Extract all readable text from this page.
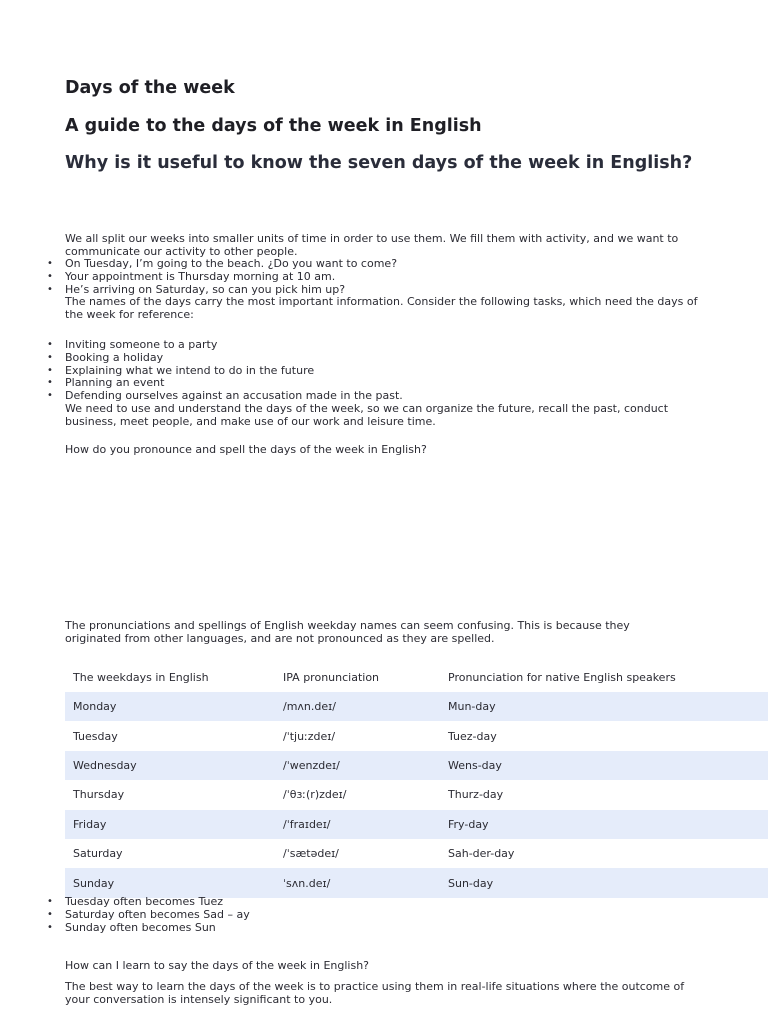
Days of the week
A guide to the days of the week in English
Why is it useful to know the seven days of the week in English?

We all split our weeks into smaller units of time in order to use them. We fill them with activity, and we want to communicate our activity to other people.

• On Tuesday, I’m going to the beach. ¿Do you want to come?
• Your appointment is Thursday morning at 10 am.
• He’s arriving on Saturday, so can you pick him up?

The names of the days carry the most important information. Consider the following tasks, which need the days of the week for reference:

• Inviting someone to a party
• Booking a holiday
• Explaining what we intend to do in the future
• Planning an event
• Defending ourselves against an accusation made in the past.

We need to use and understand the days of the week, so we can organize the future, recall the past, conduct business, meet people, and make use of our work and leisure time.

How do you pronounce and spell the days of the week in English?

The pronunciations and spellings of English weekday names can seem confusing. This is because they originated from other languages, and are not pronounced as they are spelled.

The weekdays in English	IPA pronunciation	Pronunciation for native English speakers
Monday	/mʌn.deɪ/	Mun-day
Tuesday	/ˈtjuːzdeɪ/	Tuez-day
Wednesday	/ˈwenzdeɪ/	Wens-day
Thursday	/ˈθɜː(r)zdeɪ/	Thurz-day
Friday	/ˈfraɪdeɪ/	Fry-day
Saturday	/ˈsætədeɪ/	Sah-der-day
Sunday	ˈsʌn.deɪ/	Sun-day
• Tuesday often becomes Tuez
• Saturday often becomes Sad – ay
• Sunday often becomes Sun

How can I learn to say the days of the week in English?

The best way to learn the days of the week is to practice using them in real-life situations where the outcome of your conversation is intensely significant to you.
